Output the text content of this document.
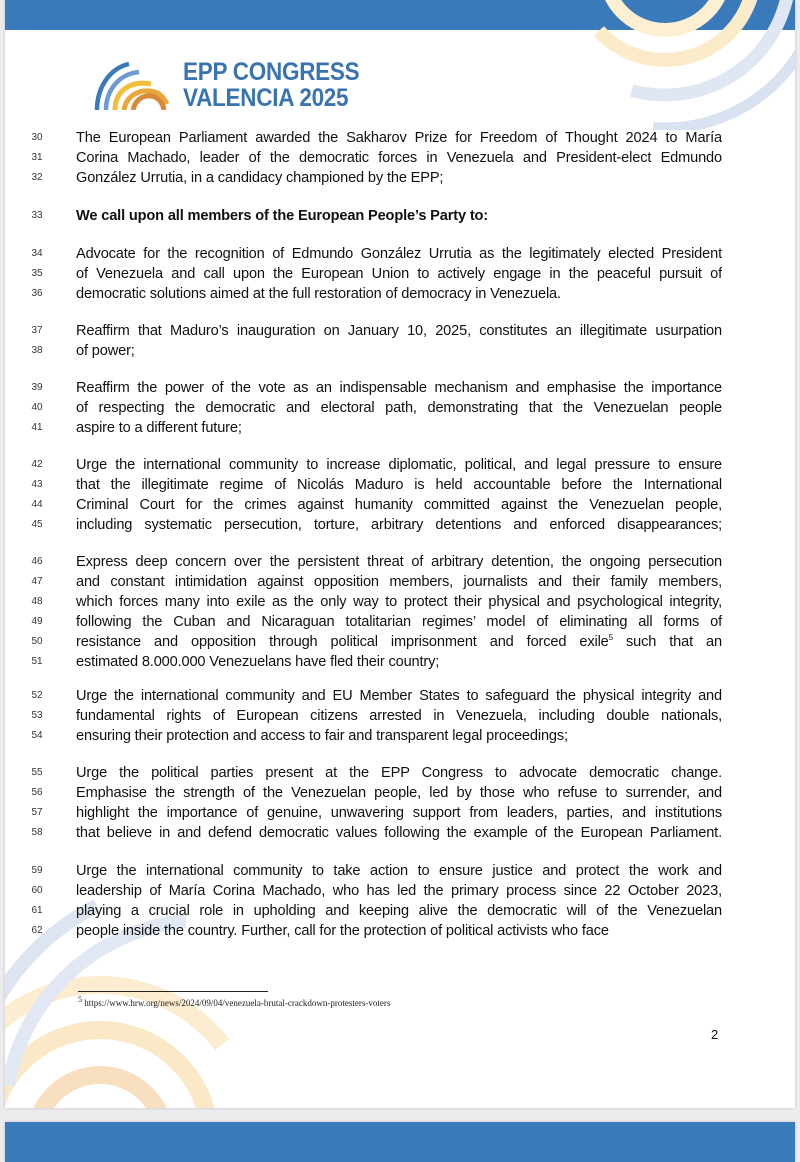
EPP CONGRESS
VALENCIA 2025
30	The European Parliament awarded the Sakharov Prize for Freedom of Thought 2024 to María
31	Corina Machado, leader of the democratic forces in Venezuela and President-elect Edmundo
32	González Urrutia, in a candidacy championed by the EPP;
33	We call upon all members of the European People’s Party to:
34	Advocate for the recognition of Edmundo González Urrutia as the legitimately elected President
35	of Venezuela and call upon the European Union to actively engage in the peaceful pursuit of
36	democratic solutions aimed at the full restoration of democracy in Venezuela.
37	Reaffirm that Maduro’s inauguration on January 10, 2025, constitutes an illegitimate usurpation
38	of power;
39	Reaffirm the power of the vote as an indispensable mechanism and emphasise the importance
40	of respecting the democratic and electoral path, demonstrating that the Venezuelan people
41	aspire to a different future;
42	Urge the international community to increase diplomatic, political, and legal pressure to ensure
43	that the illegitimate regime of Nicolás Maduro is held accountable before the International
44	Criminal Court for the crimes against humanity committed against the Venezuelan people,
45	including systematic persecution, torture, arbitrary detentions and enforced disappearances;
46	Express deep concern over the persistent threat of arbitrary detention, the ongoing persecution
47	and constant intimidation against opposition members, journalists and their family members,
48	which forces many into exile as the only way to protect their physical and psychological integrity,
49	following the Cuban and Nicaraguan totalitarian regimes’ model of eliminating all forms of
50	resistance and opposition through political imprisonment and forced exile$^5$ such that an
51	estimated 8.000.000 Venezuelans have fled their country;
52	Urge the international community and EU Member States to safeguard the physical integrity and
53	fundamental rights of European citizens arrested in Venezuela, including double nationals,
54	ensuring their protection and access to fair and transparent legal proceedings;
55	Urge the political parties present at the EPP Congress to advocate democratic change.
56	Emphasise the strength of the Venezuelan people, led by those who refuse to surrender, and
57	highlight the importance of genuine, unwavering support from leaders, parties, and institutions
58	that believe in and defend democratic values following the example of the European Parliament.
59	Urge the international community to take action to ensure justice and protect the work and
60	leadership of María Corina Machado, who has led the primary process since 22 October 2023,
61	playing a crucial role in upholding and keeping alive the democratic will of the Venezuelan
62	people inside the country. Further, call for the protection of political activists who face
$^5$ https://www.hrw.org/news/2024/09/04/venezuela-brutal-crackdown-protesters-voters
2
